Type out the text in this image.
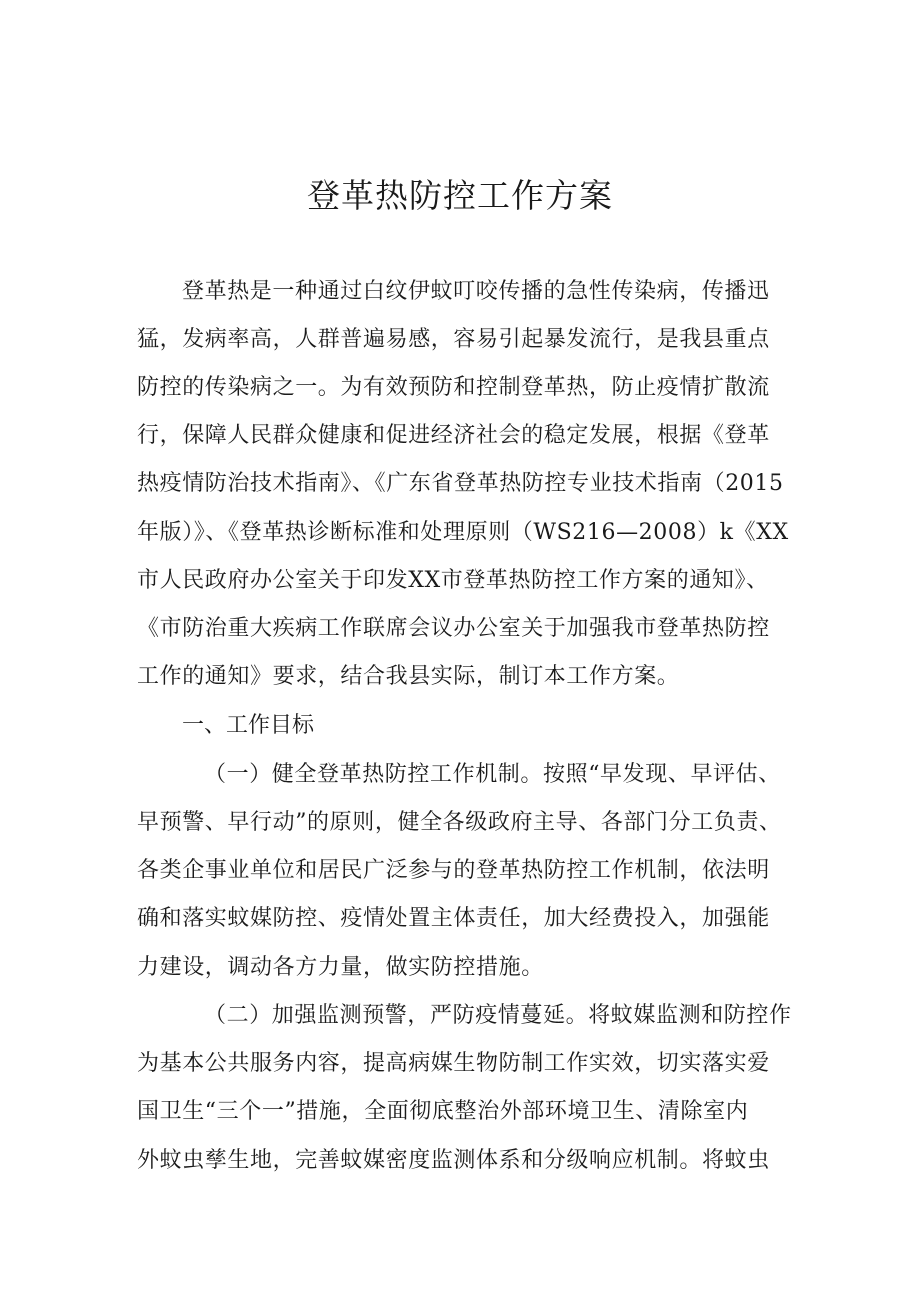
登革热防控工作方案

登革热是一种通过白纹伊蚊叮咬传播的急性传染病，传播迅

猛，发病率高，人群普遍易感，容易引起暴发流行，是我县重点

防控的传染病之一。为有效预防和控制登革热，防止疫情扩散流

行，保障人民群众健康和促进经济社会的稳定发展，根据《登革

热疫情防治技术指南》、《广东省登革热防控专业技术指南（2015

年版）》、《登革热诊断标准和处理原则（WS216—2008）k《XX

市人民政府办公室关于印发XX市登革热防控工作方案的通知》、

《市防治重大疾病工作联席会议办公室关于加强我市登革热防控

工作的通知》要求，结合我县实际，制订本工作方案。

一、工作目标

（一）健全登革热防控工作机制。按照“早发现、早评估、

早预警、早行动”的原则，健全各级政府主导、各部门分工负责、

各类企事业单位和居民广泛参与的登革热防控工作机制，依法明

确和落实蚊媒防控、疫情处置主体责任，加大经费投入，加强能

力建设，调动各方力量，做实防控措施。

（二）加强监测预警，严防疫情蔓延。将蚊媒监测和防控作

为基本公共服务内容，提高病媒生物防制工作实效，切实落实爱

国卫生“三个一”措施，全面彻底整治外部环境卫生、清除室内

外蚊虫孳生地，完善蚊媒密度监测体系和分级响应机制。将蚊虫
